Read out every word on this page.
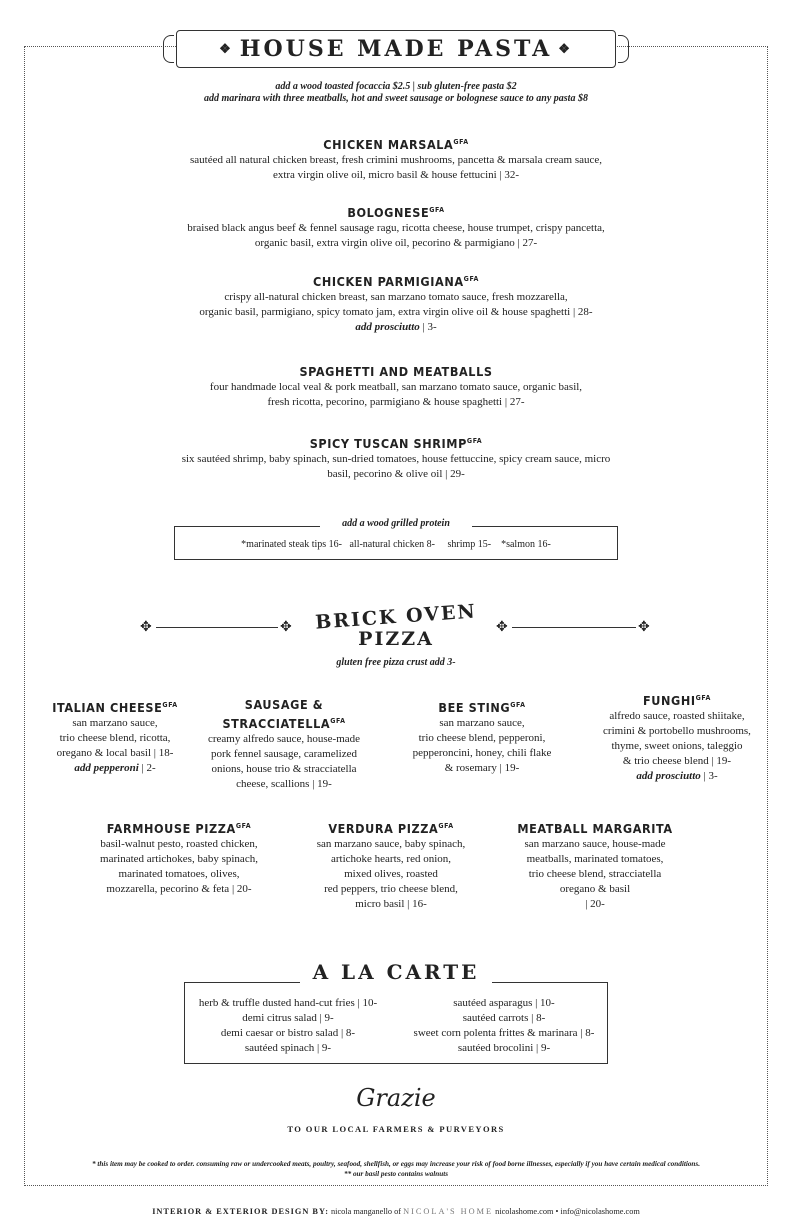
❖ HOUSE MADE PASTA ❖
add a wood toasted focaccia $2.5 | sub gluten-free pasta $2
add marinara with three meatballs, hot and sweet sausage or bolognese sauce to any pasta $8
CHICKEN $MARSALA^{GFA}$
sautéed all natural chicken breast, fresh crimini mushrooms, pancetta & marsala cream sauce,
extra virgin olive oil, micro basil & house fettucini | 32-
$BOLOGNESE^{GFA}$
braised black angus beef & fennel sausage ragu, ricotta cheese, house trumpet, crispy pancetta,
organic basil, extra virgin olive oil, pecorino & parmigiano | 27-
CHICKEN $PARMIGIANA^{GFA}$
crispy all-natural chicken breast, san marzano tomato sauce, fresh mozzarella,
organic basil, parmigiano, spicy tomato jam, extra virgin olive oil & house spaghetti | 28-
add prosciutto | 3-
SPAGHETTI AND MEATBALLS
four handmade local veal & pork meatball, san marzano tomato sauce, organic basil,
fresh ricotta, pecorino, parmigiano & house spaghetti | 27-
SPICY TUSCAN $SHRIMP^{GFA}$
six sautéed shrimp, baby spinach, sun-dried tomatoes, house fettuccine, spicy cream sauce, micro
basil, pecorino & olive oil | 29-
add a wood grilled protein
*marinated steak tips 16-   all-natural chicken 8-     shrimp 15-    *salmon 16-
✥	✥	✥	✥
BRICK OVEN
PIZZA
gluten free pizza crust add 3-
ITALIAN $CHEESE^{GFA}$
san marzano sauce,
trio cheese blend, ricotta,
oregano & local basil | 18-
add pepperoni | 2-
SAUSAGE & $STRACCIATELLA^{GFA}$
creamy alfredo sauce, house-made
pork fennel sausage, caramelized
onions, house trio & stracciatella
cheese, scallions | 19-
BEE $STING^{GFA}$
san marzano sauce,
trio cheese blend, pepperoni,
pepperoncini, honey, chili flake
& rosemary | 19-
$FUNGHI^{GFA}$
alfredo sauce, roasted shiitake,
crimini & portobello mushrooms,
thyme, sweet onions, taleggio
& trio cheese blend | 19-
add prosciutto | 3-
FARMHOUSE $PIZZA^{GFA}$
basil-walnut pesto, roasted chicken,
marinated artichokes, baby spinach,
marinated tomatoes, olives,
mozzarella, pecorino & feta | 20-
VERDURA $PIZZA^{GFA}$
san marzano sauce, baby spinach,
artichoke hearts, red onion,
mixed olives, roasted
red peppers, trio cheese blend,
micro basil | 16-
MEATBALL MARGARITA
san marzano sauce, house-made
meatballs, marinated tomatoes,
trio cheese blend, stracciatella
oregano & basil
| 20-
A LA CARTE
herb & truffle dusted hand-cut fries | 10-
demi citrus salad | 9-
demi caesar or bistro salad | 8-
sautéed spinach | 9-
sautéed asparagus | 10-
sautéed carrots | 8-
sweet corn polenta frittes & marinara | 8-
sautéed brocolini | 9-
Grazie
TO OUR LOCAL FARMERS & PURVEYORS
* this item may be cooked to order. consuming raw or undercooked meats, poultry, seafood, shellfish, or eggs may increase your risk of food borne illnesses, especially if you have certain medical conditions.
** our basil pesto contains walnuts
INTERIOR & EXTERIOR DESIGN BY: nicola manganello of NICOLA'S HOME nicolashome.com • info@nicolashome.com
